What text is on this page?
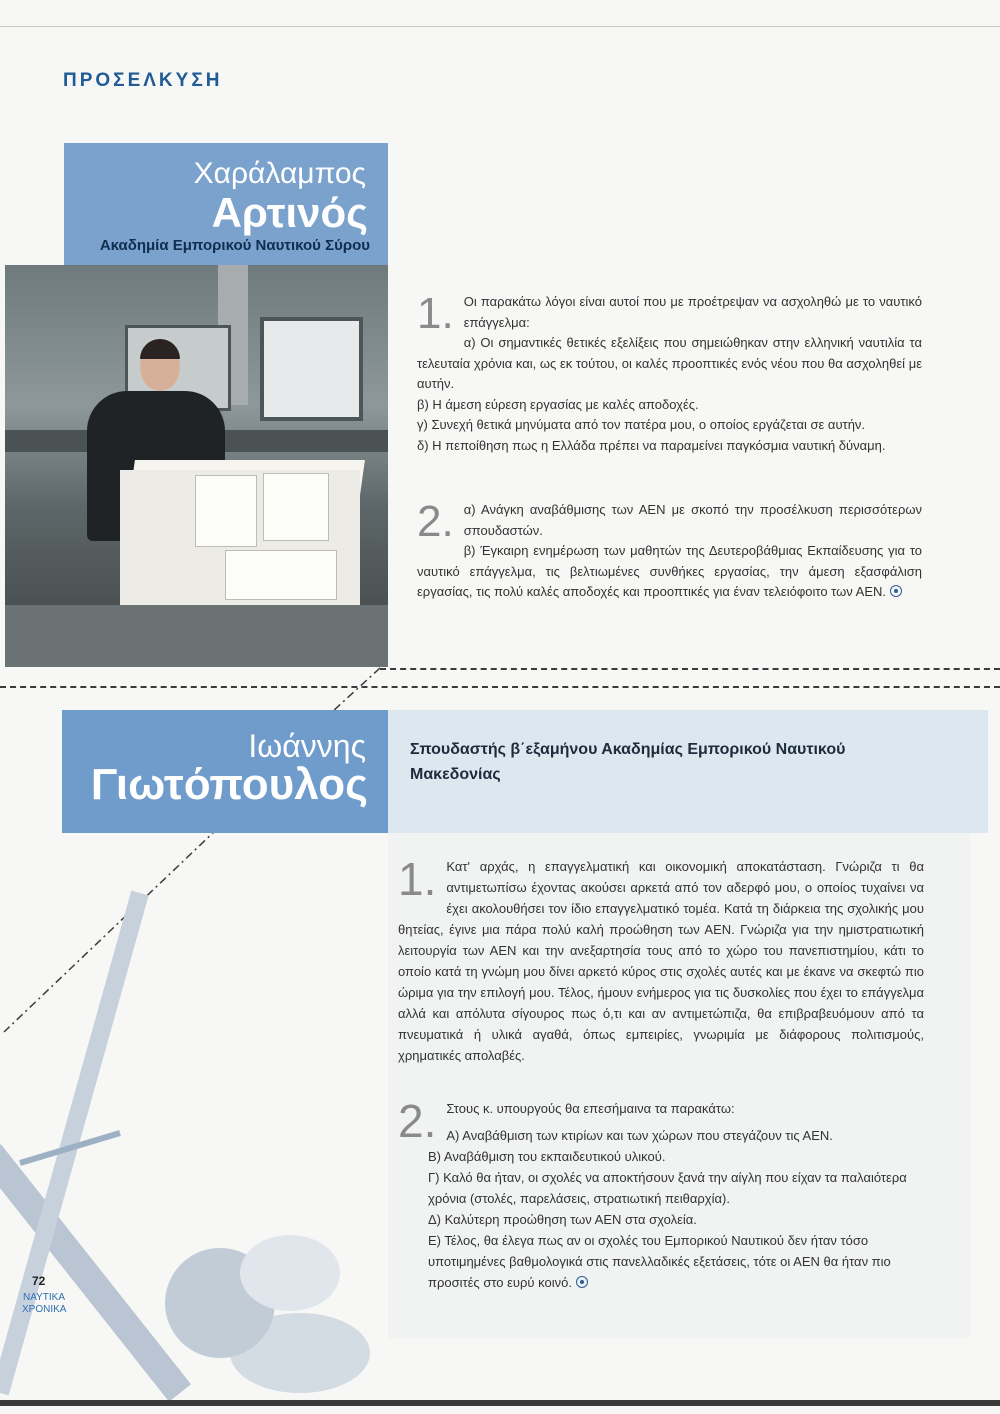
ΠΡΟΣΕΛΚΥΣΗ
Χαράλαμπος
Αρτινός
Ακαδημία Εμπορικού Ναυτικού Σύρου
1. Οι παρακάτω λόγοι είναι αυτοί που με προέτρεψαν να ασχοληθώ με το ναυτικό επάγγελμα:

α) Οι σημαντικές θετικές εξελίξεις που σημειώθηκαν στην ελληνική ναυτιλία τα τελευταία χρόνια και, ως εκ τούτου, οι καλές προοπτικές ενός νέου που θα ασχοληθεί με αυτήν.

β) Η άμεση εύρεση εργασίας με καλές αποδοχές.

γ) Συνεχή θετικά μηνύματα από τον πατέρα μου, ο οποίος εργάζεται σε αυτήν.

δ) Η πεποίθηση πως η Ελλάδα πρέπει να παραμείνει παγκόσμια ναυτική δύναμη.

2. α) Ανάγκη αναβάθμισης των ΑΕΝ με σκοπό την προσέλκυση περισσότερων σπουδαστών.

β) Έγκαιρη ενημέρωση των μαθητών της Δευτεροβάθμιας Εκπαίδευσης για το ναυτικό επάγγελμα, τις βελτιωμένες συνθήκες εργασίας, την άμεση εξασφάλιση εργασίας, τις πολύ καλές αποδοχές και προοπτικές για έναν τελειόφοιτο των ΑΕΝ.

Ιωάννης
Γιωτόπουλος
Σπουδαστής β΄εξαμήνου Ακαδημίας Εμπορικού Ναυτικού Μακεδονίας
1. Κατ' αρχάς, η επαγγελματική και οικονομική αποκατάσταση. Γνώριζα τι θα αντιμετωπίσω έχοντας ακούσει αρκετά από τον αδερφό μου, ο οποίος τυχαίνει να έχει ακολουθήσει τον ίδιο επαγγελματικό τομέα. Κατά τη διάρκεια της σχολικής μου θητείας, έγινε μια πάρα πολύ καλή προώθηση των ΑΕΝ. Γνώριζα για την ημιστρατιωτική λειτουργία των ΑΕΝ και την ανεξαρτησία τους από το χώρο του πανεπιστημίου, κάτι το οποίο κατά τη γνώμη μου δίνει αρκετό κύρος στις σχολές αυτές και με έκανε να σκεφτώ πιο ώριμα για την επιλογή μου. Τέλος, ήμουν ενήμερος για τις δυσκολίες που έχει το επάγγελμα αλλά και απόλυτα σίγουρος πως ό,τι και αν αντιμετώπιζα, θα επιβραβευόμουν από τα πνευματικά ή υλικά αγαθά, όπως εμπειρίες, γνωριμία με διάφορους πολιτισμούς, χρηματικές απολαβές.

2. Στους κ. υπουργούς θα επεσήμαινα τα παρακάτω:

Α) Αναβάθμιση των κτιρίων και των χώρων που στεγάζουν τις ΑΕΝ.
Β) Αναβάθμιση του εκπαιδευτικού υλικού.
Γ) Καλό θα ήταν, οι σχολές να αποκτήσουν ξανά την αίγλη που είχαν τα παλαιότερα χρόνια (στολές, παρελάσεις, στρατιωτική πειθαρχία).
Δ) Καλύτερη προώθηση των ΑΕΝ στα σχολεία.
Ε) Τέλος, θα έλεγα πως αν οι σχολές του Εμπορικού Ναυτικού δεν ήταν τόσο υποτιμημένες βαθμολογικά στις πανελλαδικές εξετάσεις, τότε οι ΑΕΝ θα ήταν πιο προσιτές στο ευρύ κοινό.
72
ΝΑΥΤΙΚΑ
ΧΡΟΝΙΚΑ
